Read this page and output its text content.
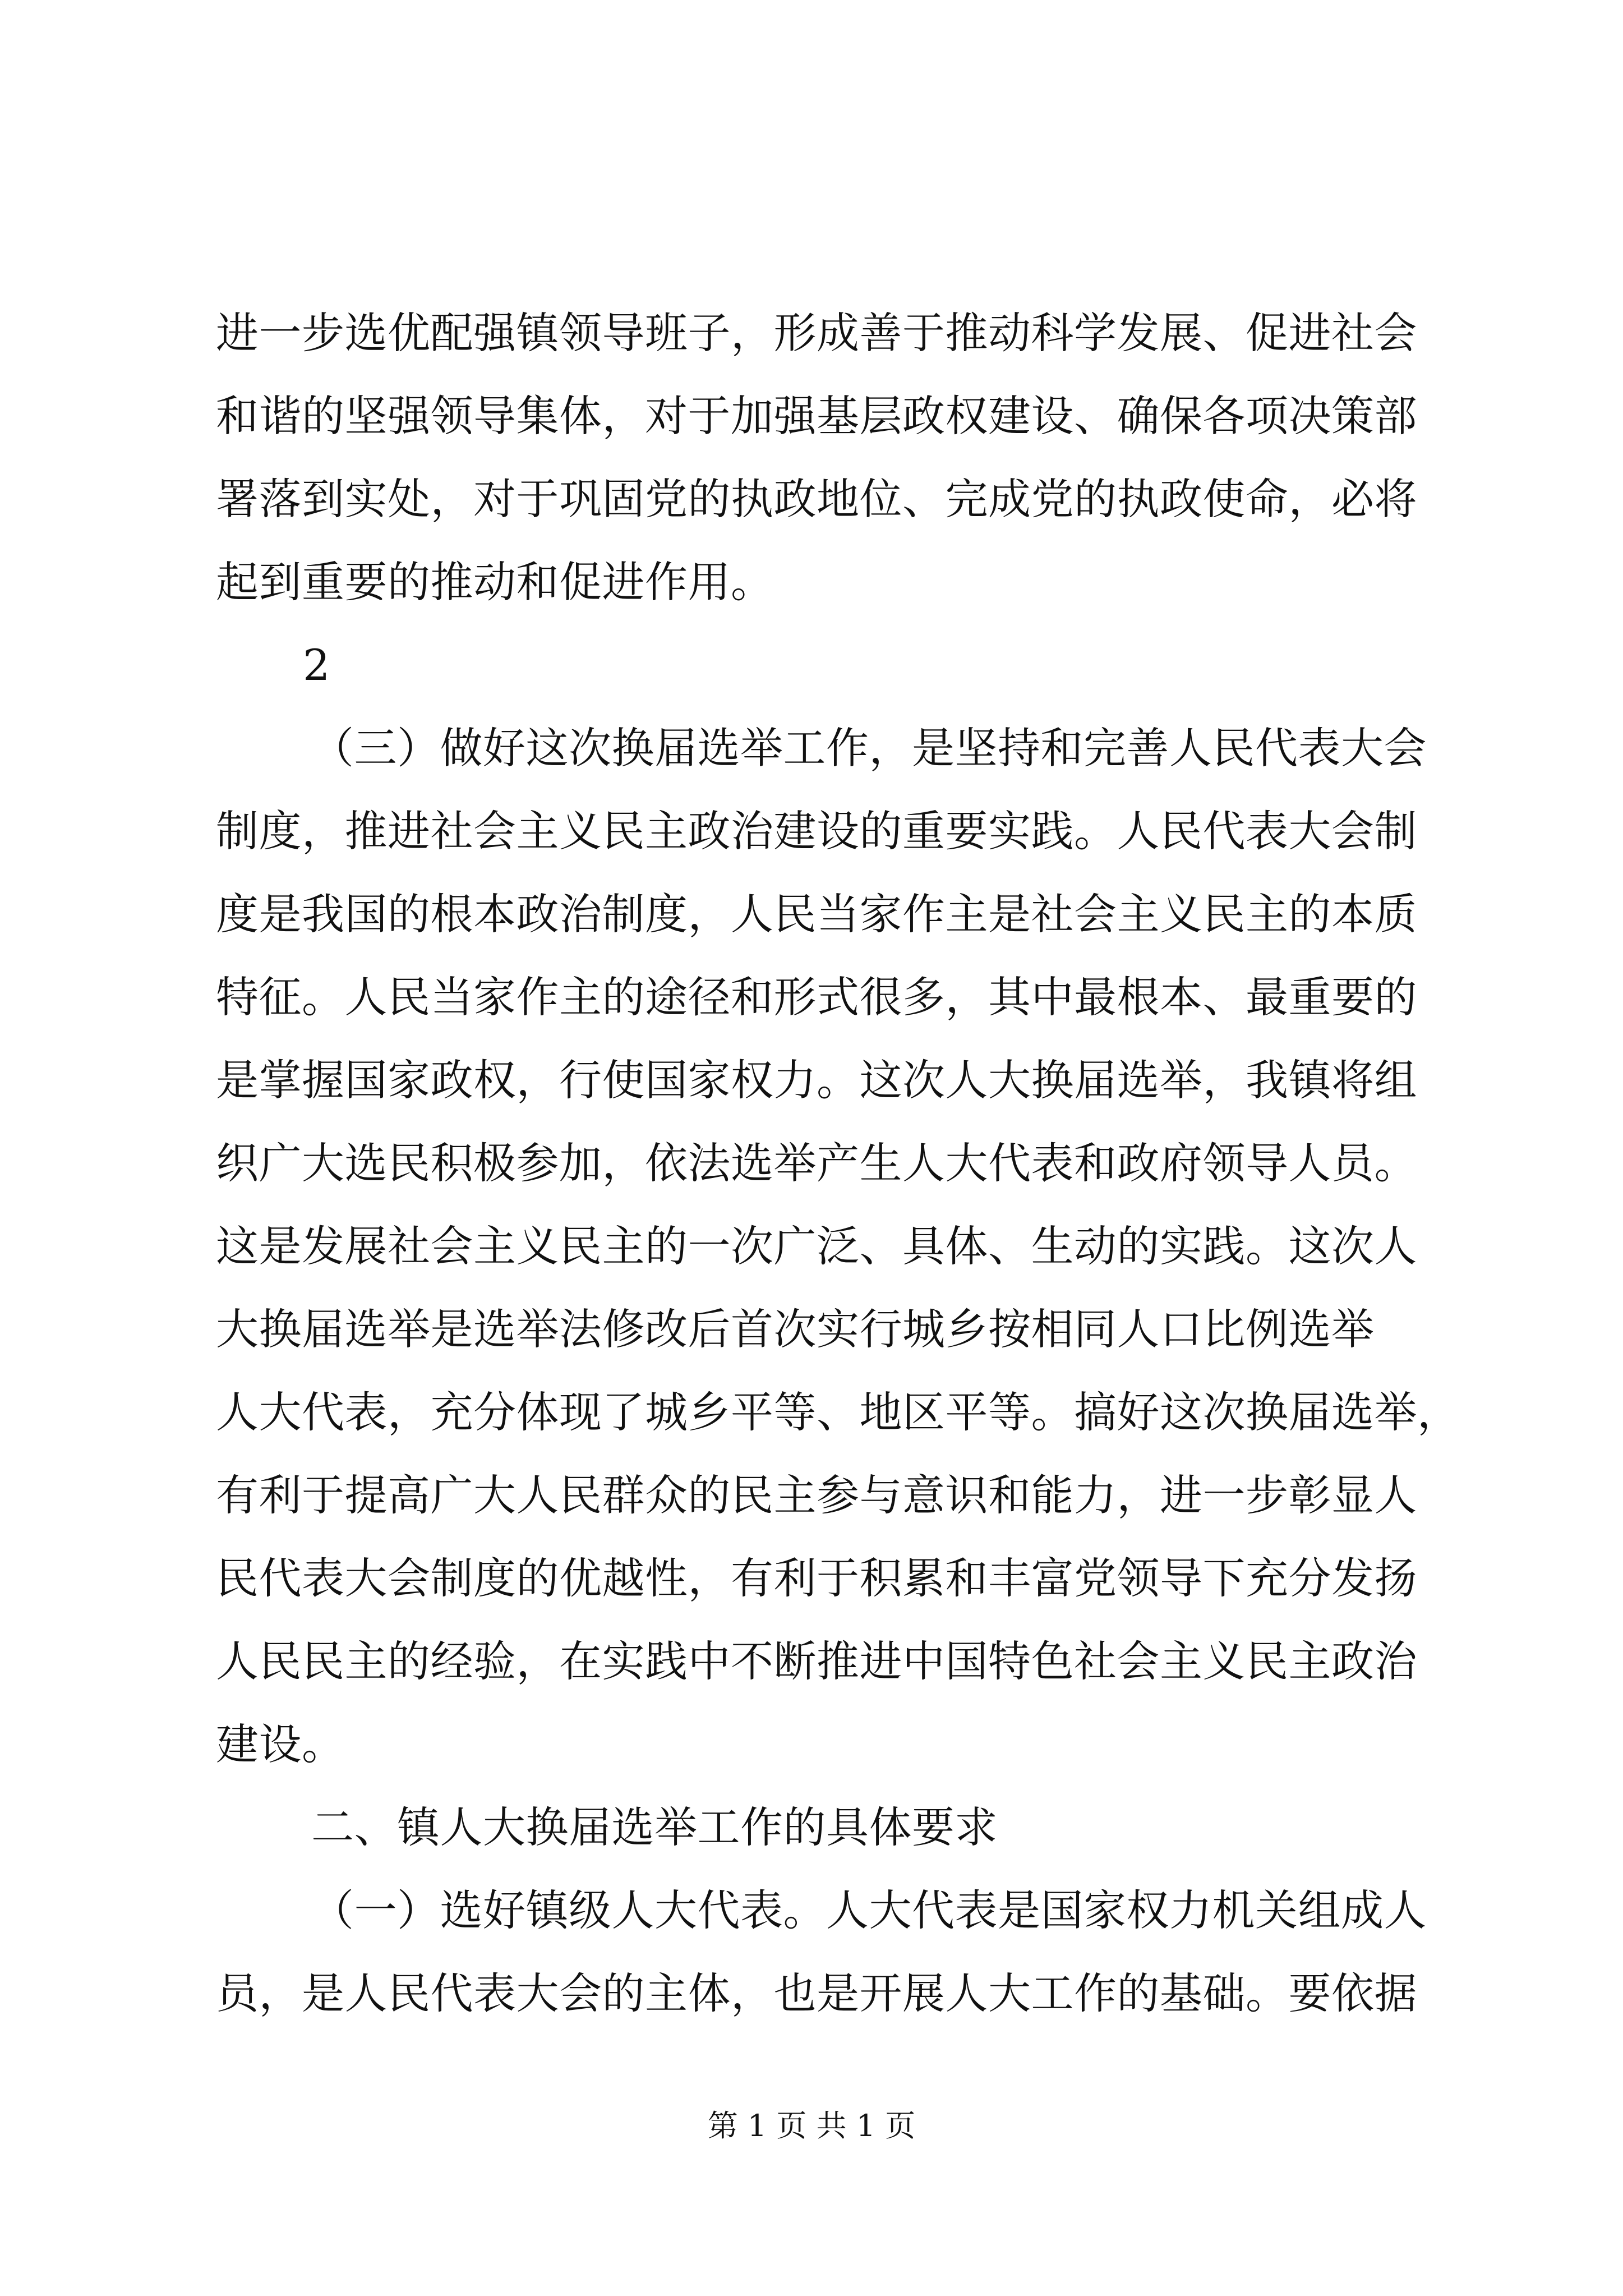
进一步选优配强镇领导班子，形成善于推动科学发展、促进社会
和谐的坚强领导集体，对于加强基层政权建设、确保各项决策部
署落到实处，对于巩固党的执政地位、完成党的执政使命，必将
起到重要的推动和促进作用。
2
（三）做好这次换届选举工作，是坚持和完善人民代表大会
制度，推进社会主义民主政治建设的重要实践。人民代表大会制
度是我国的根本政治制度，人民当家作主是社会主义民主的本质
特征。人民当家作主的途径和形式很多，其中最根本、最重要的
是掌握国家政权，行使国家权力。这次人大换届选举，我镇将组
织广大选民积极参加，依法选举产生人大代表和政府领导人员。
这是发展社会主义民主的一次广泛、具体、生动的实践。这次人
大换届选举是选举法修改后首次实行城乡按相同人口比例选举
人大代表，充分体现了城乡平等、地区平等。搞好这次换届选举，
有利于提高广大人民群众的民主参与意识和能力，进一步彰显人
民代表大会制度的优越性，有利于积累和丰富党领导下充分发扬
人民民主的经验，在实践中不断推进中国特色社会主义民主政治
建设。
二、镇人大换届选举工作的具体要求
（一）选好镇级人大代表。人大代表是国家权力机关组成人
员，是人民代表大会的主体，也是开展人大工作的基础。要依据
第 1 页 共 1 页
